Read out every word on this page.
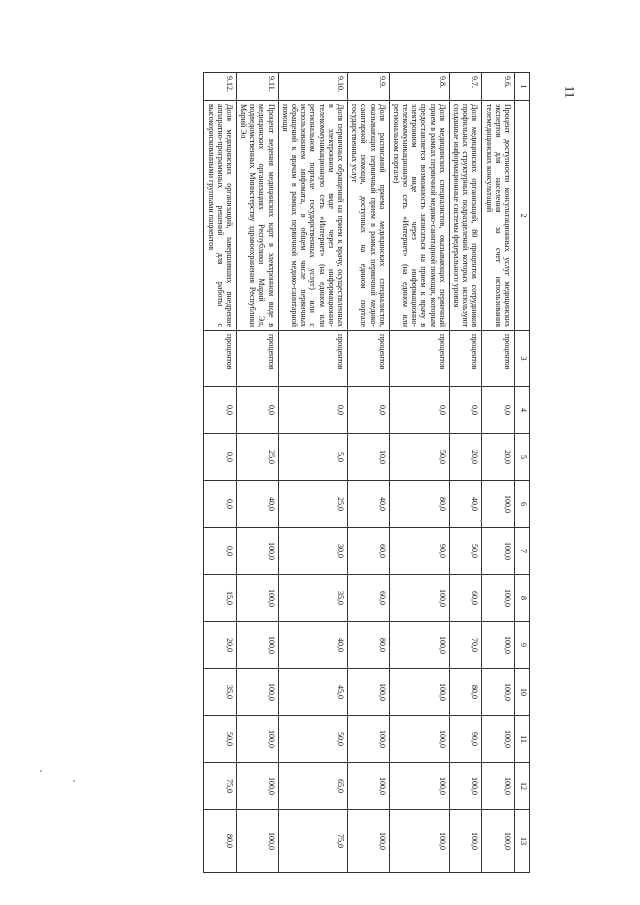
11
1	2	3	4	5	6	7	8	9	10	11	12	13
9.6.	Процент доступности консультационных услуг медицинских экспертов для населения за счет использования телемедицинских консультаций	процентов	0,0	20,0	100,0	100,0	100,0	100,0	100,0	100,0	100,0	100,0
9.7.	Доля медицинских организаций, 80 процентов сотрудников профильных структурных подразделений которых используют созданные информационные системы федерального уровня	процентов	0,0	20,0	40,0	50,0	60,0	70,0	80,0	90,0	100,0	100,0
9.8.	Доля медицинских специалистов, оказывающих первичный прием в рамках первичной медико-санитарной помощи, которым предоставляется возможность записаться на прием к врачу в электронном виде через информационно-телекоммуникационную сеть «Интернет» (на едином или региональном портале)	процентов	0,0	50,0	80,0	90,0	100,0	100,0	100,0	100,0	100,0	100,0
9.9.	Доля расписаний приема медицинских специалистов, оказывающих первичный прием в рамках первичной медико-санитарной помощи, доступных на едином портале государственных услуг	процентов	0,0	10,0	40,0	60,0	60,0	80,0	100,0	100,0	100,0	100,0
9.10.	Доля первичных обращений на прием к врачу, осуществленных в электронном виде через информационно-телекоммуникационную сеть «Интернет» (на едином или региональном портале государственных услуг) или с использованием инфомата, в общем числе первичных обращений к врачам в рамках первичной медико-санитарной помощи	процентов	0,0	5,0	25,0	30,0	35,0	40,0	45,0	50,0	65,0	75,0
9.11.	Процент ведения медицинских карт в электронном виде в медицинских организациях Республики Марий Эл, подведомственных Министерству здравоохранения Республики Марий Эл	процентов	0,0	25,0	40,0	100,0	100,0	100,0	100,0	100,0	100,0	100,0
9.12.	Доля медицинских организаций, завершивших внедрение аппаратно-программных решений для работы с высокорискованными группами пациентов	процентов	0,0	0,0	0,0	0,0	15,0	20,0	35,0	50,0	75,0	80,0
